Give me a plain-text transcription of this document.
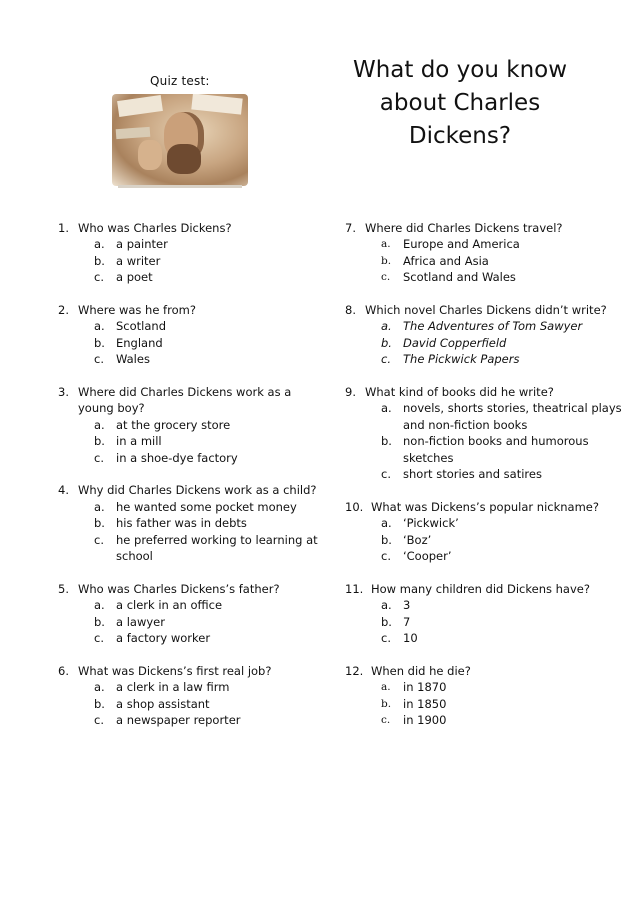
Quiz test:	What do you know
about Charles
Dickens?
1. Who was Charles Dickens?
a. a painter
b. a writer
c.	a poet
2. Where was he from?
a. Scotland
b. England
c.	Wales
3. Where did Charles Dickens work as a young boy?
a. at the grocery store
b. in a mill
c.	in a shoe-dye factory
4. Why did Charles Dickens work as a child?
a. he wanted some pocket money
b. his father was in debts
c.	he preferred working to learning at school
5. Who was Charles Dickens’s father?
a. a clerk in an office
b. a lawyer
c.	a factory worker
6. What was Dickens’s first real job?
a. a clerk in a law firm
b. a shop assistant
c.	a newspaper reporter
7. Where did Charles Dickens travel?
a.	Europe and America
b.	Africa and Asia
c.	Scotland and Wales
8. Which novel Charles Dickens didn’t write?
a. The Adventures of Tom Sawyer
b. David Copperfield
c.	The Pickwick Papers
9. What kind of books did he write?
a. novels, shorts stories, theatrical plays and non-fiction books
b. non-fiction books and humorous sketches
c.	short stories and satires
10. What was Dickens’s popular nickname?
a. ‘Pickwick’
b. ‘Boz’
c.	‘Cooper’
11. How many children did Dickens have?
a. 3
b. 7
c.	10
12. When did he die?
a.	in 1870
b.	in 1850
c.	in 1900
